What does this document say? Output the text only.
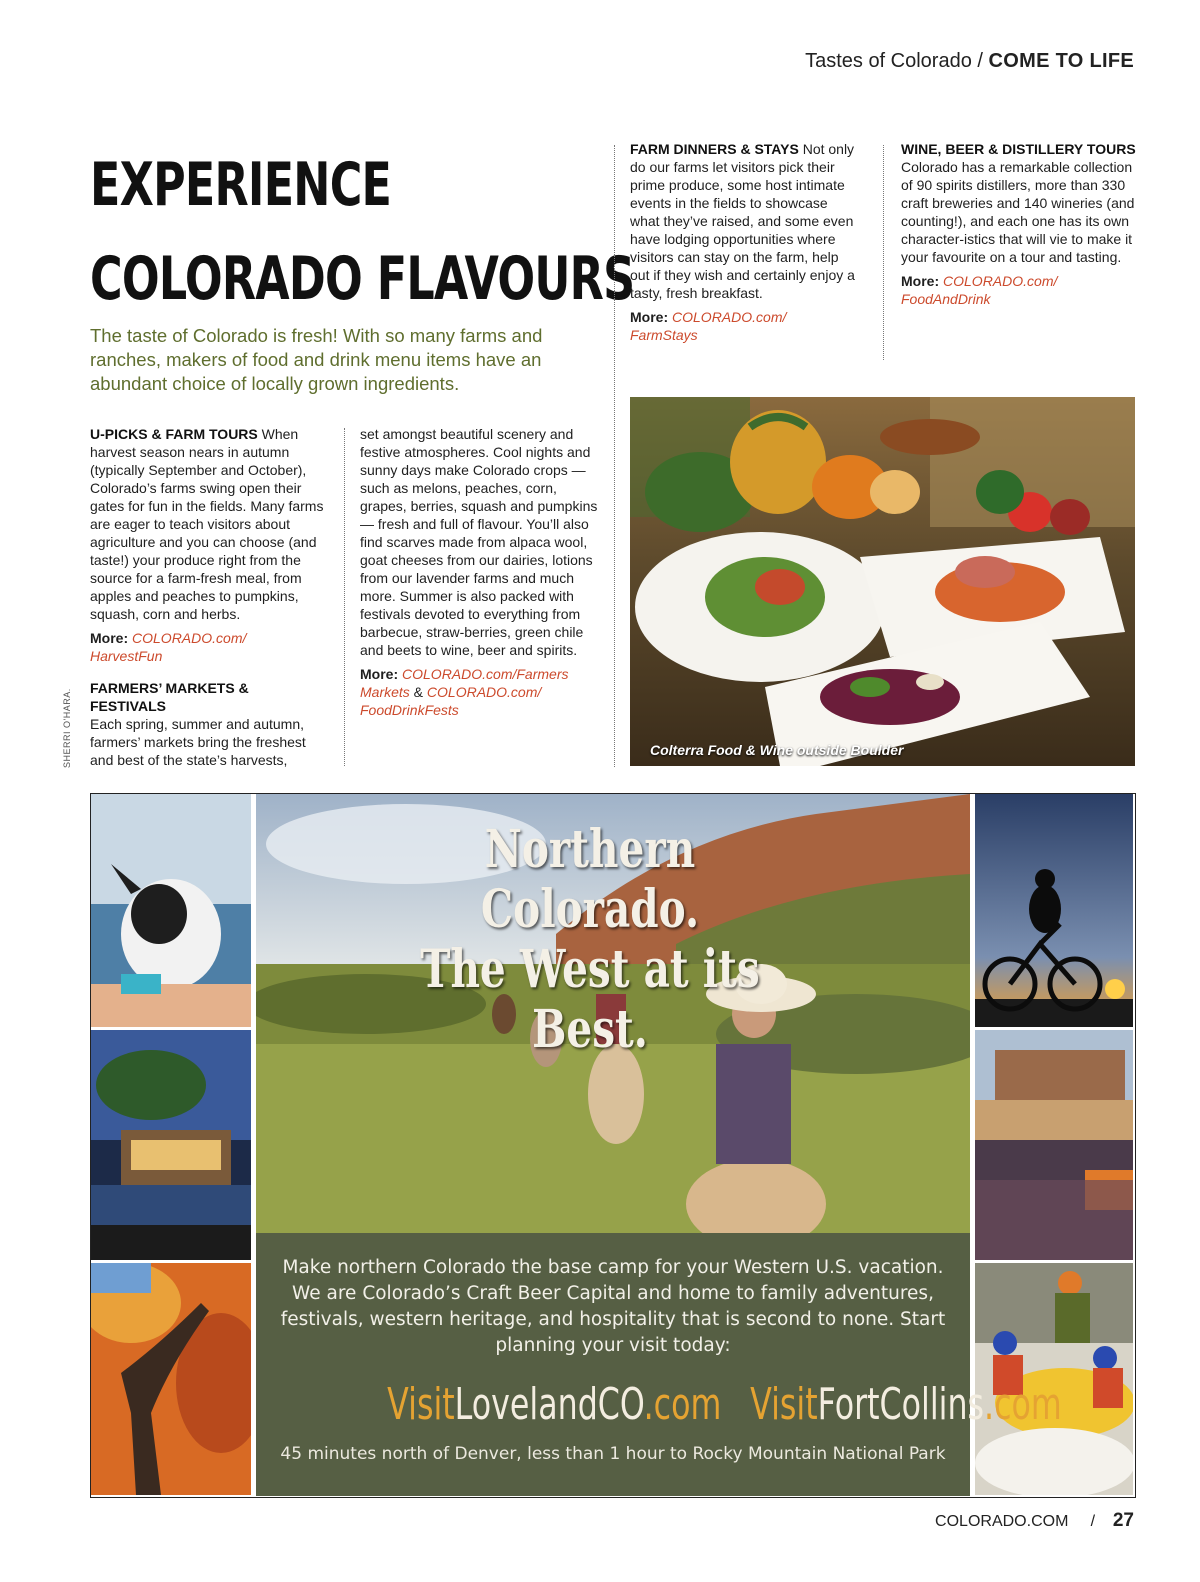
Tastes of Colorado / COME TO LIFE
EXPERIENCE
COLORADO FLAVOURS
The taste of Colorado is fresh! With so many farms and ranches, makers of food and drink menu items have an abundant choice of locally grown ingredients.

U-PICKS & FARM TOURS When harvest season nears in autumn (typically September and October), Colorado’s farms swing open their gates for fun in the fields. Many farms are eager to teach visitors about agriculture and you can choose (and taste!) your produce right from the source for a farm-fresh meal, from apples and peaches to pumpkins, squash, corn and herbs.

More: COLORADO.com/
HarvestFun

FARMERS’ MARKETS & FESTIVALS
Each spring, summer and autumn, farmers’ markets bring the freshest and best of the state’s harvests,

set amongst beautiful scenery and festive atmospheres. Cool nights and sunny days make Colorado crops — such as melons, peaches, corn, grapes, berries, squash and pumpkins — fresh and full of flavour. You’ll also find scarves made from alpaca wool, goat cheeses from our dairies, lotions from our lavender farms and much more. Summer is also packed with festivals devoted to everything from barbecue, straw-berries, green chile and beets to wine, beer and spirits.

More: COLORADO.com/Farmers
Markets & COLORADO.com/
FoodDrinkFests

FARM DINNERS & STAYS Not only do our farms let visitors pick their prime produce, some host intimate events in the fields to showcase what they’ve raised, and some even have lodging opportunities where visitors can stay on the farm, help out if they wish and certainly enjoy a tasty, fresh breakfast.

More: COLORADO.com/
FarmStays

WINE, BEER & DISTILLERY TOURS
Colorado has a remarkable collection of 90 spirits distillers, more than 330 craft breweries and 140 wineries (and counting!), and each one has its own character-istics that will vie to make it your favourite on a tour and tasting.

More: COLORADO.com/
FoodAndDrink

SHERRI O'HARA.	Colterra Food & Wine outside Boulder
Northern Colorado.
The West at its Best.
Make northern Colorado the base camp for your Western U.S. vacation. We are Colorado’s Craft Beer Capital and home to family adventures, festivals, western heritage, and hospitality that is second to none. Start planning your visit today:
VisitLovelandCO.com VisitFortCollins.com
45 minutes north of Denver, less than 1 hour to Rocky Mountain National Park
COLORADO.COM / 27
